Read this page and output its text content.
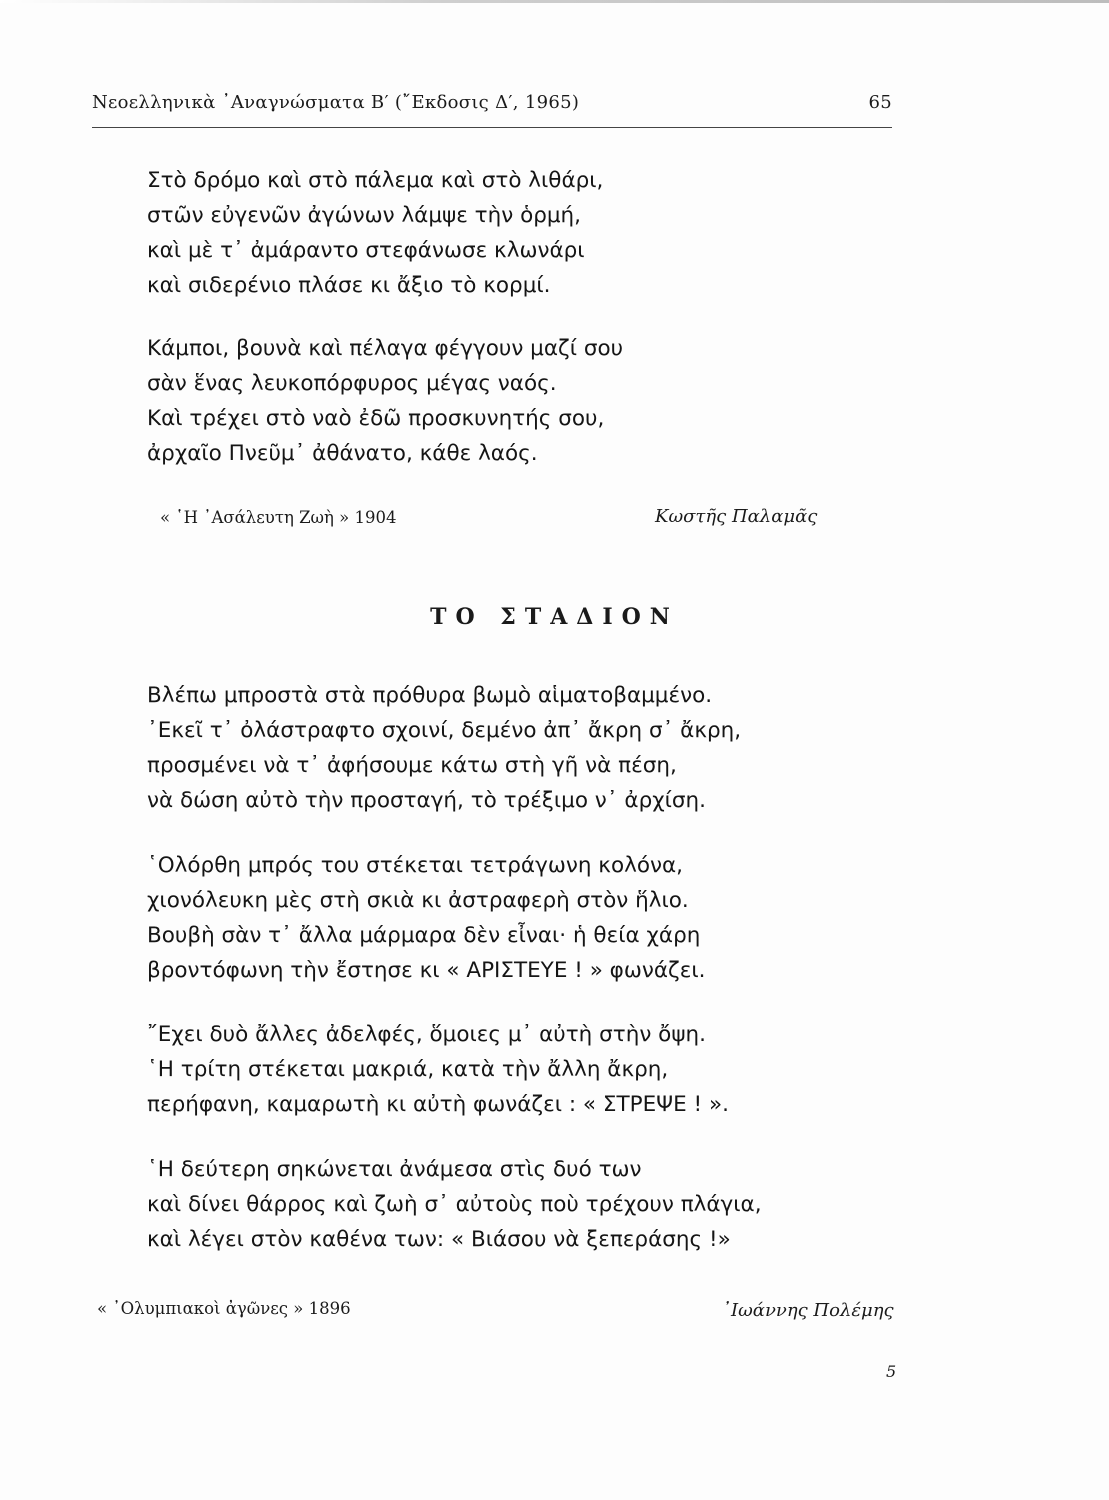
Νεοελληνικὰ ᾿Αναγνώσματα Β′ (῎Εκδοσις Δ′, 1965)	65
Στὸ δρόμο καὶ στὸ πάλεμα καὶ στὸ λιθάρι,
στῶν εὐγενῶν ἀγώνων λάμψε τὴν ὁρμή,
καὶ μὲ τ᾿ ἀμάραντο στεφάνωσε κλωνάρι
καὶ σιδερένιο πλάσε κι ἄξιο τὸ κορμί.
Κάμποι, βουνὰ καὶ πέλαγα φέγγουν μαζί σου
σὰν ἕνας λευκοπόρφυρος μέγας ναός.
Καὶ τρέχει στὸ ναὸ ἐδῶ προσκυνητής σου,
ἀρχαῖο Πνεῦμ᾿ ἀθάνατο, κάθε λαός.
« ῾Η ᾿Ασάλευτη Ζωὴ » 1904	Κωστῆς Παλαμᾶς
ΤΟ ΣΤΑΔΙΟΝ
Βλέπω μπροστὰ στὰ πρόθυρα βωμὸ αἱματοβαμμένο.
᾿Εκεῖ τ᾿ ὀλάστραφτο σχοινί, δεμένο ἀπ᾿ ἄκρη σ᾿ ἄκρη,
προσμένει νὰ τ᾿ ἀφήσουμε κάτω στὴ γῆ νὰ πέση,
νὰ δώση αὐτὸ τὴν προσταγή, τὸ τρέξιμο ν᾿ ἀρχίση.
῾Ολόρθη μπρός του στέκεται τετράγωνη κολόνα,
χιονόλευκη μὲς στὴ σκιὰ κι ἀστραφερὴ στὸν ἥλιο.
Βουβὴ σὰν τ᾿ ἄλλα μάρμαρα δὲν εἶναι· ἡ θεία χάρη
βροντόφωνη τὴν ἔστησε κι « ΑΡΙΣΤΕΥΕ ! » φωνάζει.
῎Εχει δυὸ ἄλλες ἀδελφές, ὅμοιες μ᾿ αὐτὴ στὴν ὄψη.
῾Η τρίτη στέκεται μακριά, κατὰ τὴν ἄλλη ἄκρη,
περήφανη, καμαρωτὴ κι αὐτὴ φωνάζει : « ΣΤΡΕΨΕ ! ».
῾Η δεύτερη σηκώνεται ἀνάμεσα στὶς δυό των
καὶ δίνει θάρρος καὶ ζωὴ σ᾿ αὐτοὺς ποὺ τρέχουν πλάγια,
καὶ λέγει στὸν καθένα των: « Βιάσου νὰ ξεπεράσης !»
« ᾿Ολυμπιακοὶ ἀγῶνες » 1896	᾿Ιωάννης Πολέμης
5
